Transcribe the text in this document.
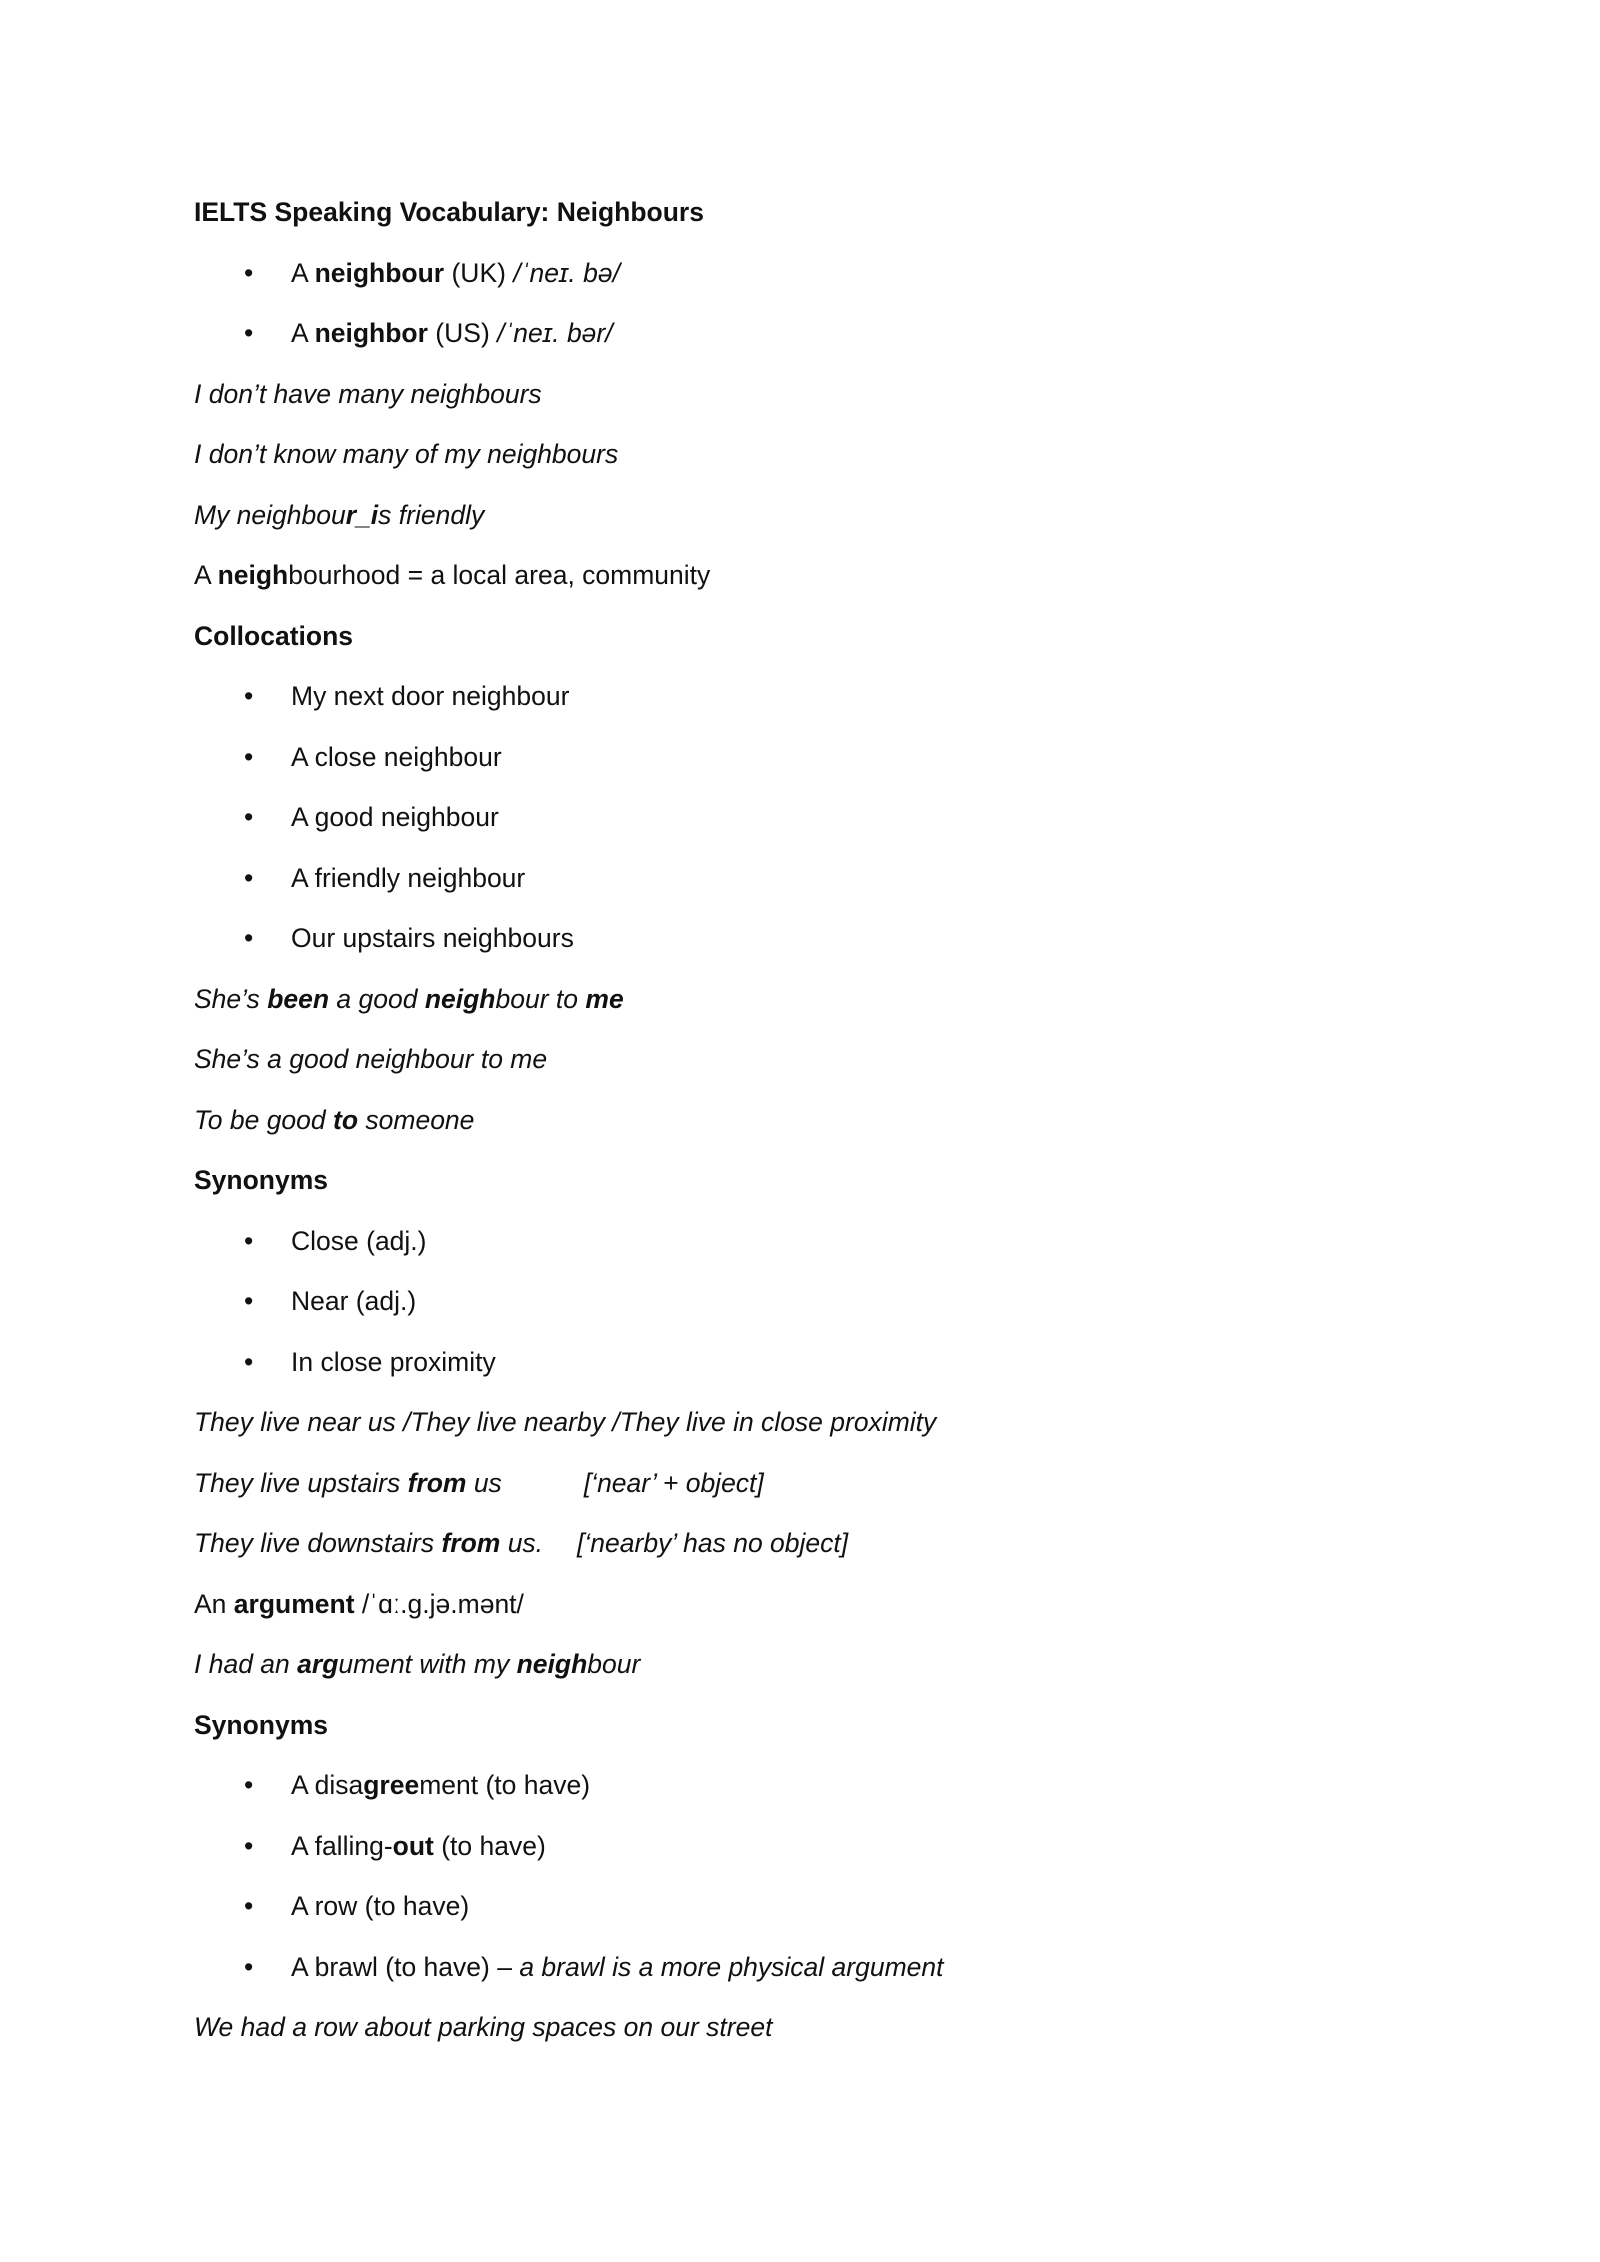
IELTS Speaking Vocabulary: Neighbours
• A neighbour (UK) /ˈneɪ. bə/
• A neighbor (US) /ˈneɪ. bər/
I don’t have many neighbours
I don’t know many of my neighbours
My neighbour_is friendly
A neighbourhood = a local area, community
Collocations
• My next door neighbour
• A close neighbour
• A good neighbour
• A friendly neighbour
• Our upstairs neighbours
She’s been a good neighbour to me
She’s a good neighbour to me
To be good to someone
Synonyms
• Close (adj.)
• Near (adj.)
• In close proximity
They live near us /They live nearby /They live in close proximity
They live upstairs from us	[‘near’ + object]
They live downstairs from us. [‘nearby’ has no object]
An argument /ˈɑː.ɡ.jə.mənt/
I had an argument with my neighbour
Synonyms
• A disagreement (to have)
• A falling-out (to have)
• A row (to have)
• A brawl (to have) – a brawl is a more physical argument
We had a row about parking spaces on our street
